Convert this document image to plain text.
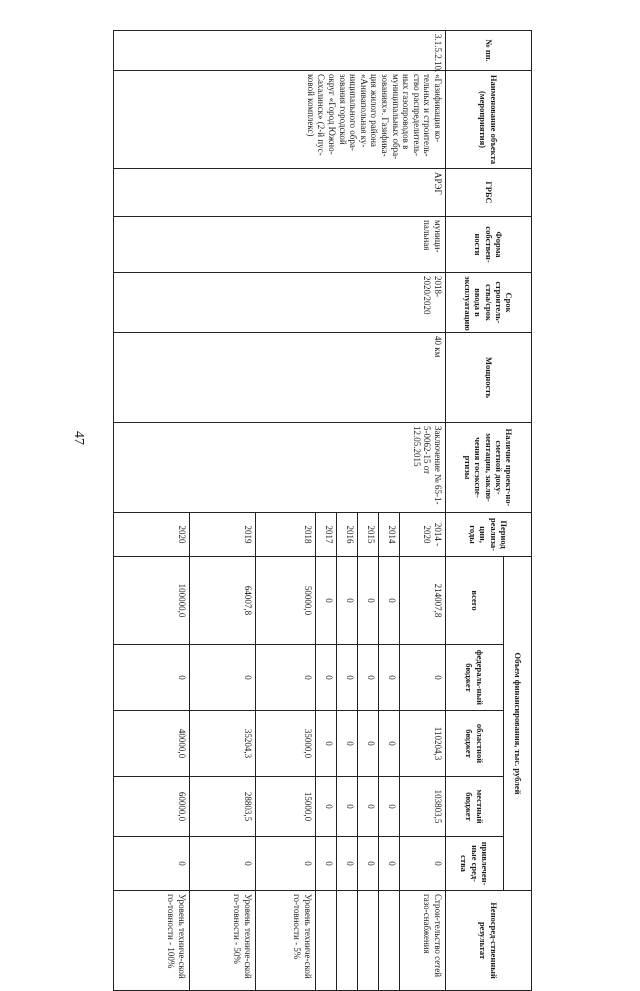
47
№ пп.	Наименование объекта (мероприятия)	ГРБС	Форма собствен-ности	Срок строитель-ства/срок ввода в эксплуатацию	Мощность	Наличие проект-но-сметной доку-ментации, заклю-чения госэкспе-ртизы	Период реализа-ции, годы	Объем финансирования, тыс. рублей					Непосред-ственный результат
								всего	федераль-ный бюджет	областной бюджет	местный бюджет	привлечен-ные сред-ства	
3.1.5.2.10.	«Газификация ко-тельных и строитель-ство распределитель-ных газопроводов в муниципальных обра-зованиях». Газифика-ция жилого района «Анивапольная ку-ниципального обра-зования городской округ «Город Южно-Сахалинск» (2-й пус-ковой комплекс)	АРЭГ	муници-пальная	2018-2020/2020	40 км	Заключение № 65-1-5-0062-15 от 12.05.2015	2014 - 2020	214007,8	0	110204,3	103803,5	0	Строи-тельство сетей газо-снабжения
							2014	0	0	0	0	0	
							2015	0	0	0	0	0	
							2016	0	0	0	0	0	
							2017	0	0	0	0	0	
							2018	50000,0	0	35000,0	15000,0	0	Уровень техниче-ской го-товности - 5%
							2019	64007,8	0	35204,3	28803,5	0	Уровень техниче-ской го-товности - 50%
							2020	100000,0	0	40000,0	60000,0	0	Уровень техниче-ской го-товности - 100%
